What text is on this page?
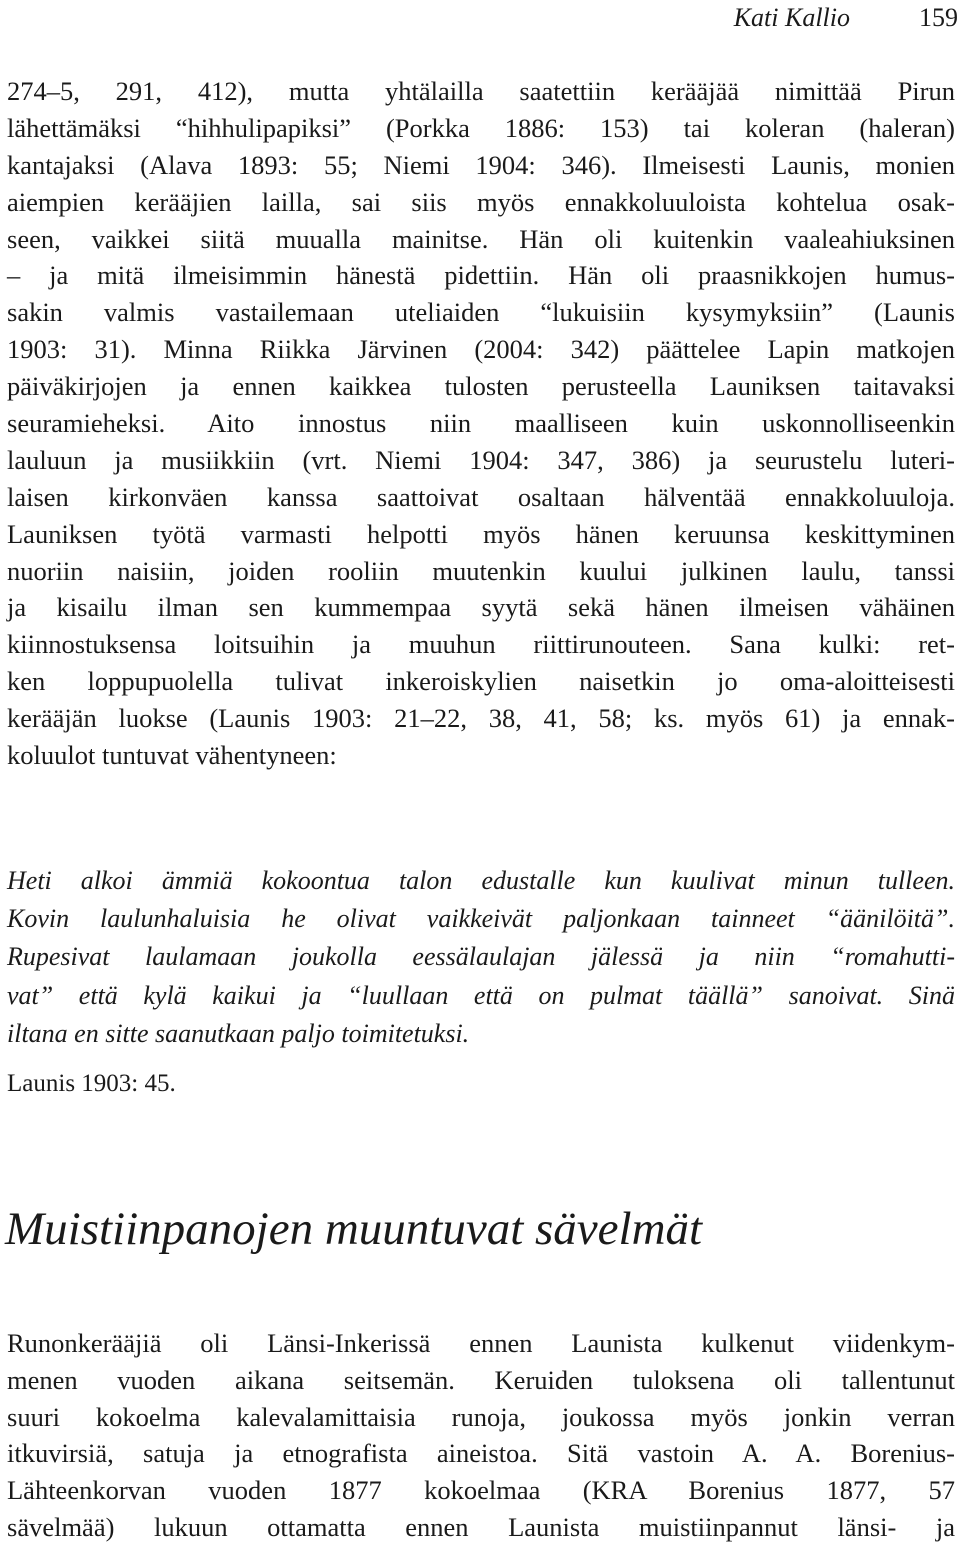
Kati Kallio	159
274–5, 291, 412), mutta yhtälailla saatettiin kerääjää nimittää Pirun
lähettämäksi “hihhulipapiksi” (Porkka 1886: 153) tai koleran (haleran)
kantajaksi (Alava 1893: 55; Niemi 1904: 346). Ilmeisesti Launis, monien
aiempien kerääjien lailla, sai siis myös ennakkoluuloista kohtelua osak-
seen, vaikkei siitä muualla mainitse. Hän oli kuitenkin vaaleahiuksinen
– ja mitä ilmeisimmin hänestä pidettiin. Hän oli praasnikkojen humus-
sakin valmis vastailemaan uteliaiden “lukuisiin kysymyksiin” (Launis
1903: 31). Minna Riikka Järvinen (2004: 342) päättelee Lapin matkojen
päiväkirjojen ja ennen kaikkea tulosten perusteella Launiksen taitavaksi
seuramieheksi. Aito innostus niin maalliseen kuin uskonnolliseenkin
lauluun ja musiikkiin (vrt. Niemi 1904: 347, 386) ja seurustelu luteri-
laisen kirkonväen kanssa saattoivat osaltaan hälventää ennakkoluuloja.
Launiksen työtä varmasti helpotti myös hänen keruunsa keskittyminen
nuoriin naisiin, joiden rooliin muutenkin kuului julkinen laulu, tanssi
ja kisailu ilman sen kummempaa syytä sekä hänen ilmeisen vähäinen
kiinnostuksensa loitsuihin ja muuhun riittirunouteen. Sana kulki: ret-
ken loppupuolella tulivat inkeroiskylien naisetkin jo oma-aloitteisesti
kerääjän luokse (Launis 1903: 21–22, 38, 41, 58; ks. myös 61) ja ennak-
koluulot tuntuvat vähentyneen:
Heti alkoi ämmiä kokoontua talon edustalle kun kuulivat minun tulleen.
Kovin laulunhaluisia he olivat vaikkeivät paljonkaan tainneet “äänilöitä”.
Rupesivat laulamaan joukolla eessälaulajan jälessä ja niin “romahutti-
vat” että kylä kaikui ja “luullaan että on pulmat täällä” sanoivat. Sinä
iltana en sitte saanutkaan paljo toimitetuksi.
Launis 1903: 45.
Muistiinpanojen muuntuvat sävelmät
Runonkerääjiä oli Länsi-Inkerissä ennen Launista kulkenut viidenkym-
menen vuoden aikana seitsemän. Keruiden tuloksena oli tallentunut
suuri kokoelma kalevalamittaisia runoja, joukossa myös jonkin verran
itkuvirsiä, satuja ja etnografista aineistoa. Sitä vastoin A. A. Borenius-
Lähteenkorvan vuoden 1877 kokoelmaa (KRA Borenius 1877, 57
sävelmää) lukuun ottamatta ennen Launista muistiinpannut länsi- ja
